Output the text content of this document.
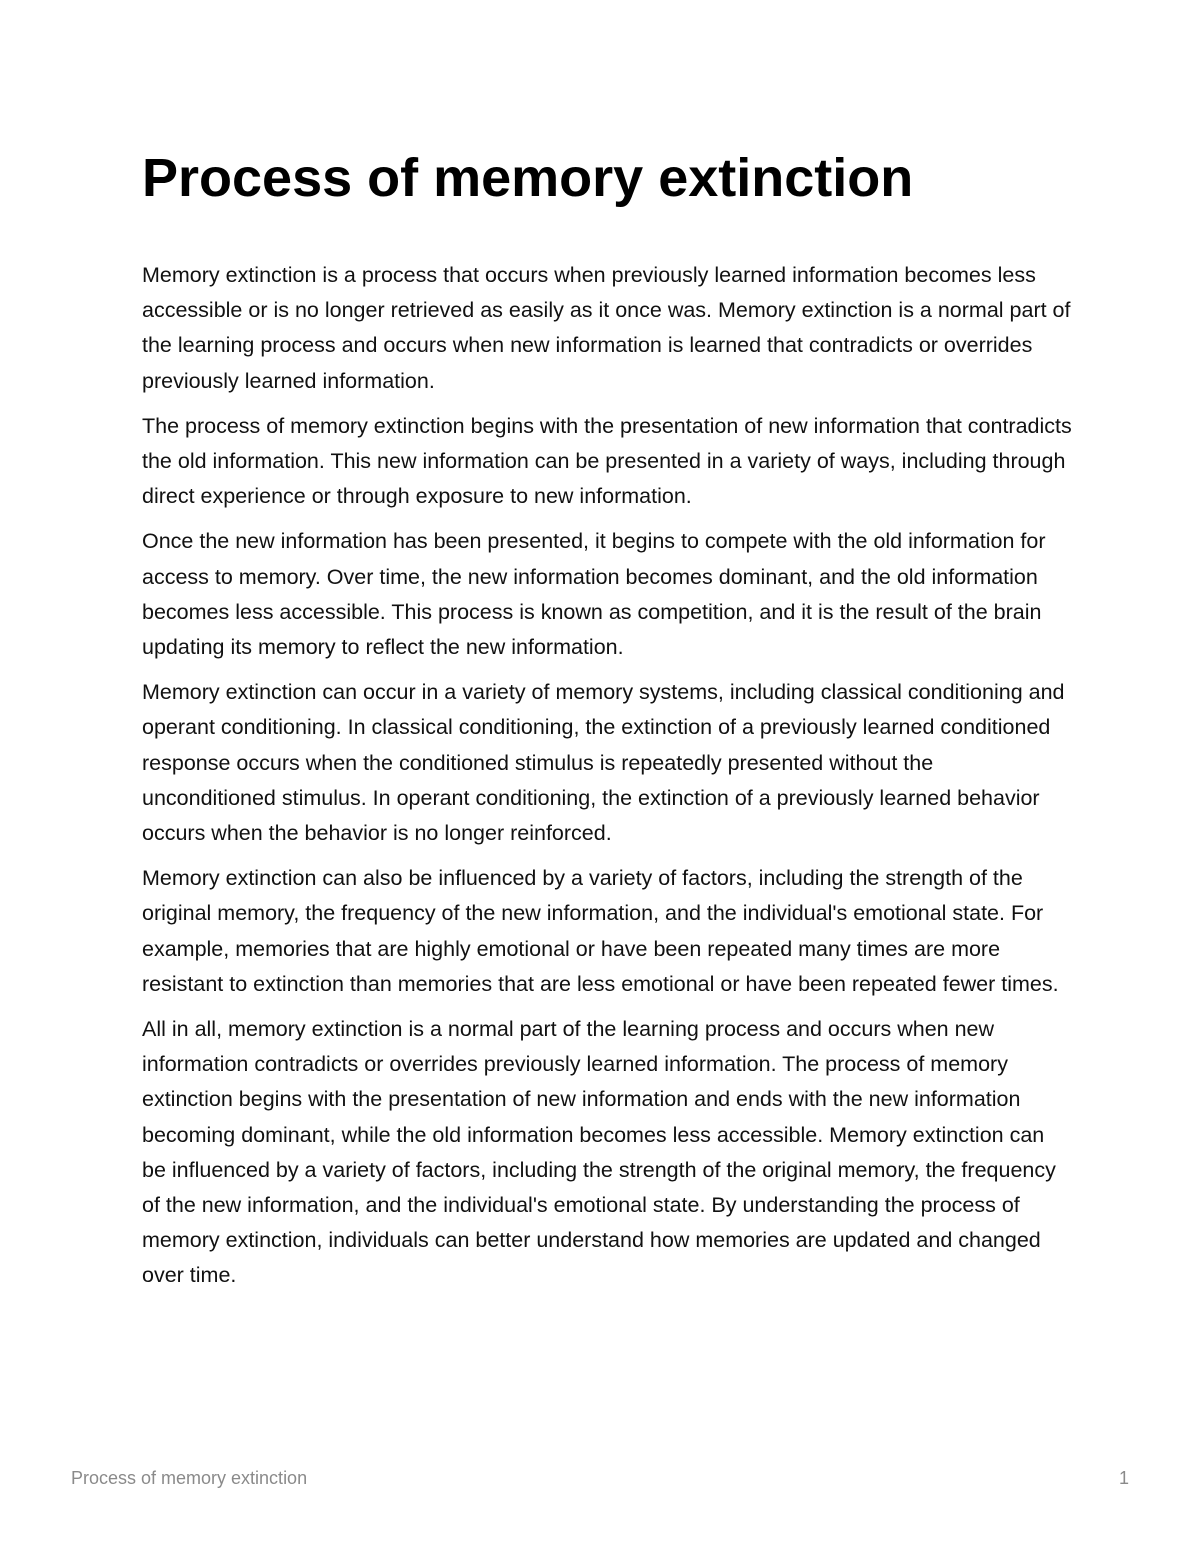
Process of memory extinction

Memory extinction is a process that occurs when previously learned information becomes less accessible or is no longer retrieved as easily as it once was. Memory extinction is a normal part of the learning process and occurs when new information is learned that contradicts or overrides previously learned information.

The process of memory extinction begins with the presentation of new information that contradicts the old information. This new information can be presented in a variety of ways, including through direct experience or through exposure to new information.

Once the new information has been presented, it begins to compete with the old information for access to memory. Over time, the new information becomes dominant, and the old information becomes less accessible. This process is known as competition, and it is the result of the brain updating its memory to reflect the new information.

Memory extinction can occur in a variety of memory systems, including classical conditioning and operant conditioning. In classical conditioning, the extinction of a previously learned conditioned response occurs when the conditioned stimulus is repeatedly presented without the unconditioned stimulus. In operant conditioning, the extinction of a previously learned behavior occurs when the behavior is no longer reinforced.

Memory extinction can also be influenced by a variety of factors, including the strength of the original memory, the frequency of the new information, and the individual's emotional state. For example, memories that are highly emotional or have been repeated many times are more resistant to extinction than memories that are less emotional or have been repeated fewer times.

All in all, memory extinction is a normal part of the learning process and occurs when new information contradicts or overrides previously learned information. The process of memory extinction begins with the presentation of new information and ends with the new information becoming dominant, while the old information becomes less accessible. Memory extinction can be influenced by a variety of factors, including the strength of the original memory, the frequency of the new information, and the individual's emotional state. By understanding the process of memory extinction, individuals can better understand how memories are updated and changed over time.

Process of memory extinction	1
